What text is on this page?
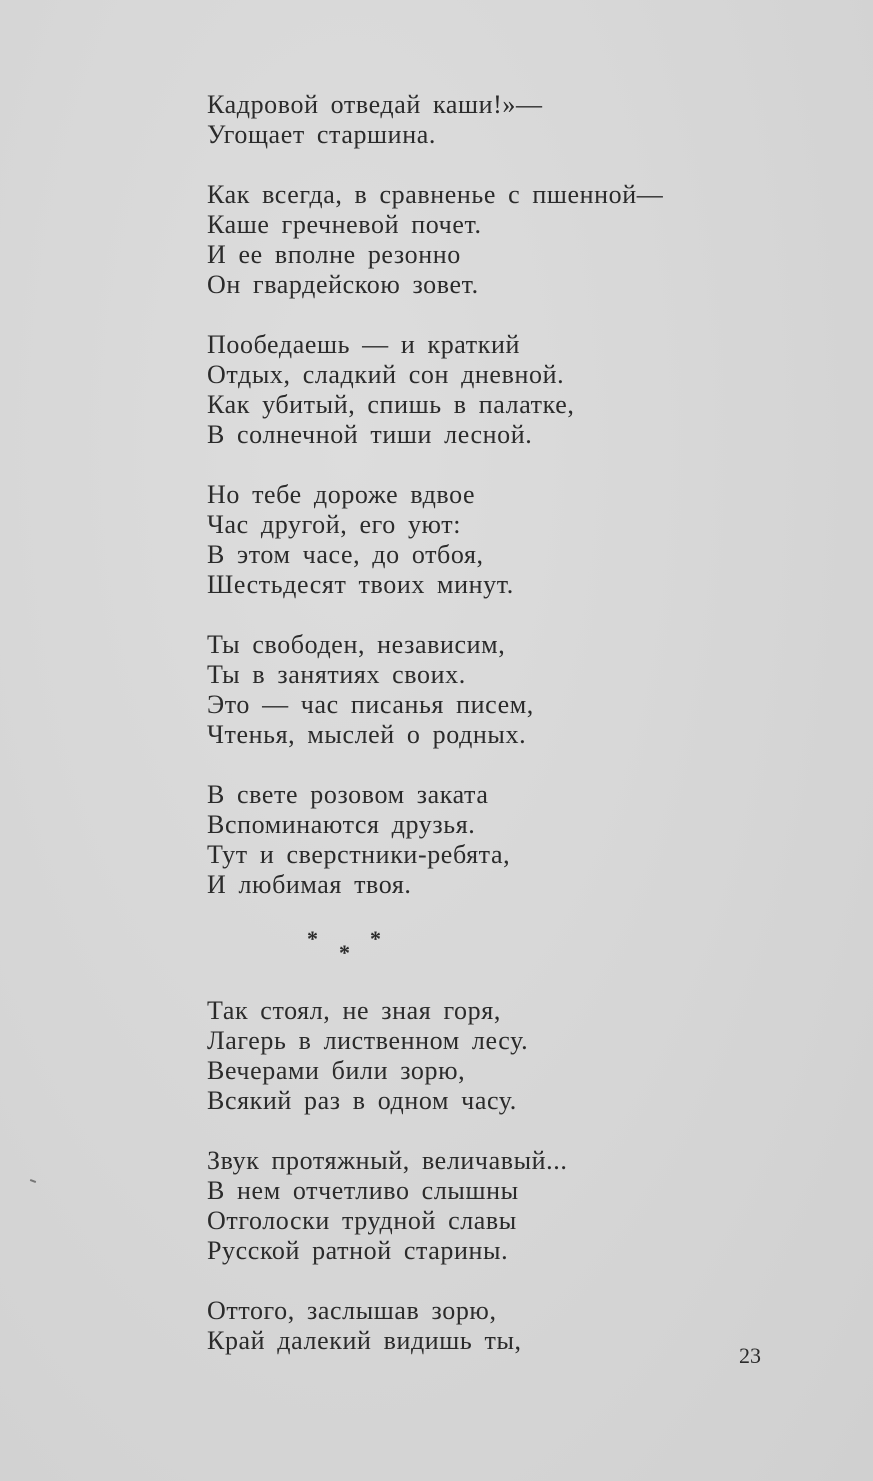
Кадровой отведай каши!»—
Угощает старшина.
Как всегда, в сравненье с пшенной—
Каше гречневой почет.
И ее вполне резонно
Он гвардейскою зовет.
Пообедаешь — и краткий
Отдых, сладкий сон дневной.
Как убитый, спишь в палатке,
В солнечной тиши лесной.
Но тебе дороже вдвое
Час другой, его уют:
В этом часе, до отбоя,
Шестьдесят твоих минут.
Ты свободен, независим,
Ты в занятиях своих.
Это — час писанья писем,
Чтенья, мыслей о родных.
В свете розовом заката
Вспоминаются друзья.
Тут и сверстники-ребята,
И любимая твоя.
* *
*
Так стоял, не зная горя,
Лагерь в лиственном лесу.
Вечерами били зорю,
Всякий раз в одном часу.
Звук протяжный, величавый...
В нем отчетливо слышны
Отголоски трудной славы
Русской ратной старины.
Оттого, заслышав зорю,
Край далекий видишь ты,
23
